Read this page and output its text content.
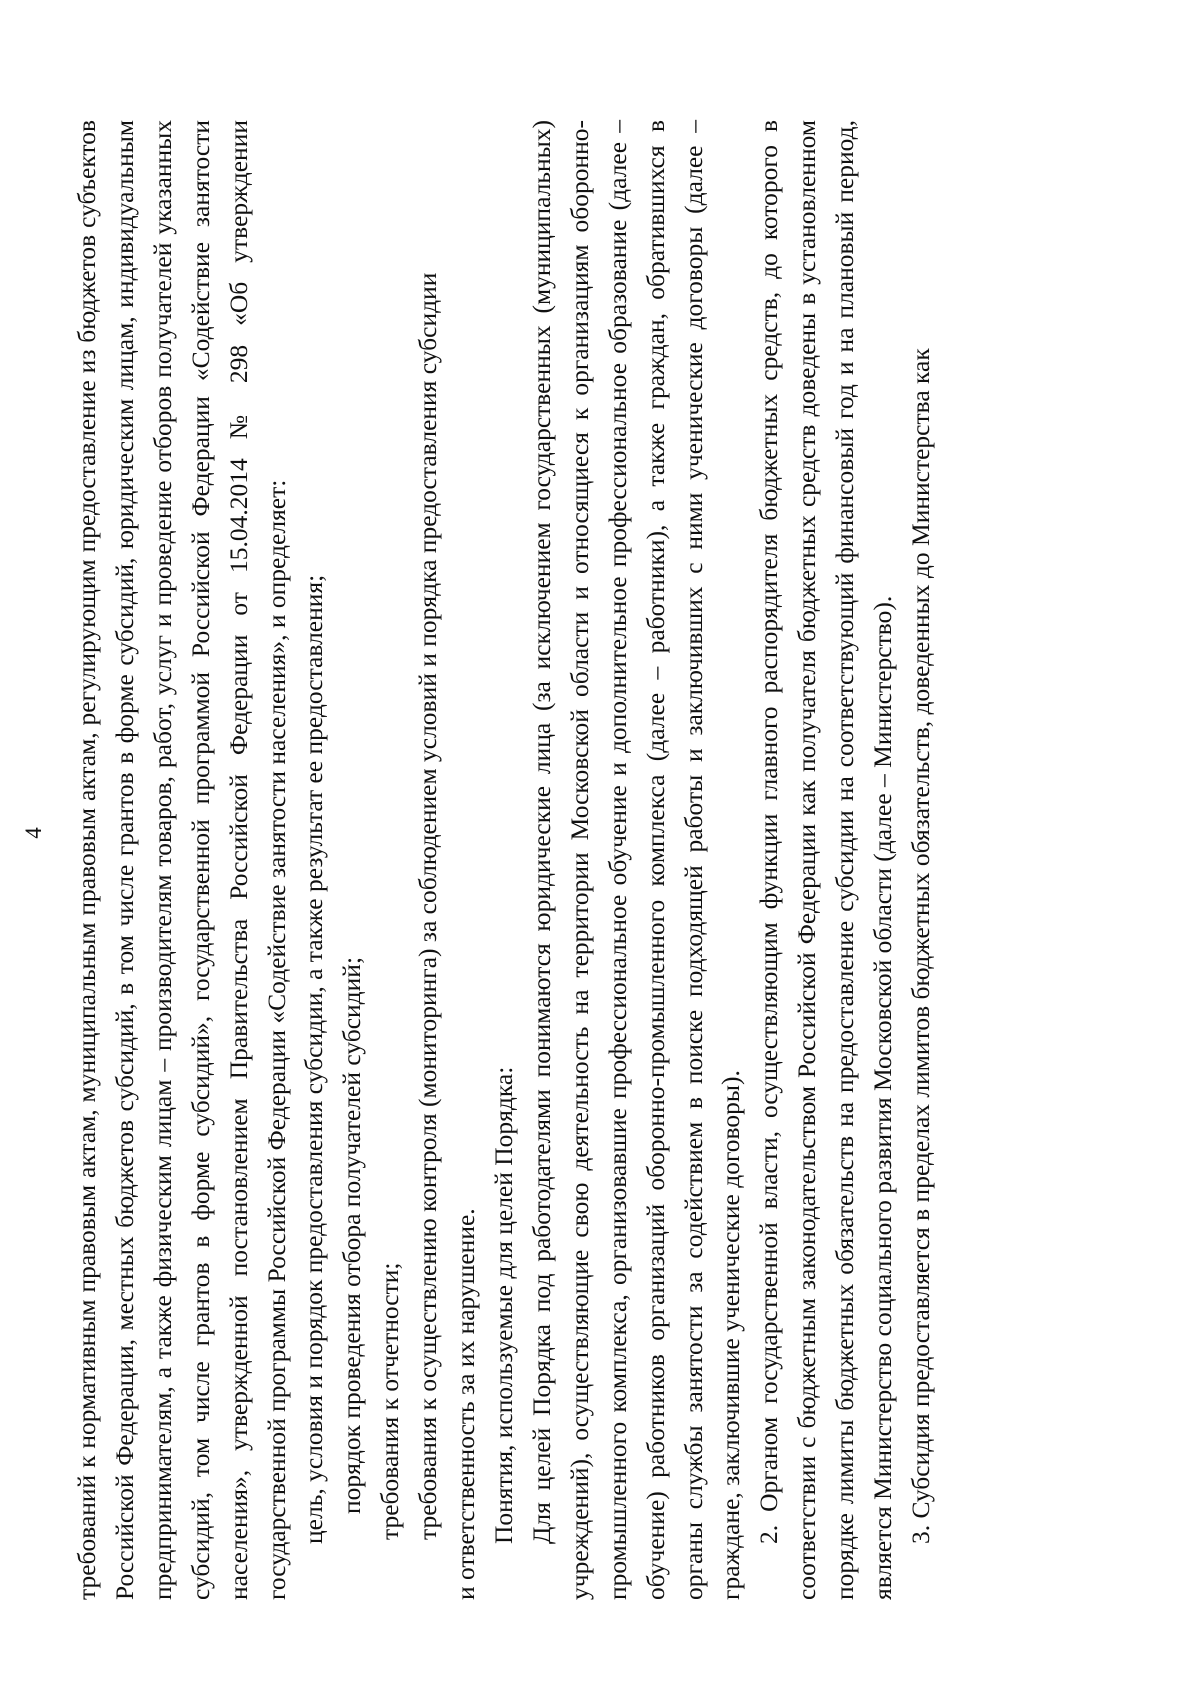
4 требований к нормативным правовым актам, муниципальным правовым актам, регулирующим предоставление из бюджетов субъектов Российской Федерации, местных бюджетов субсидий, в том числе грантов в форме субсидий, юридическим лицам, индивидуальным предпринимателям, а также физическим лицам – производителям товаров, работ, услуг и проведение отборов получателей указанных субсидий, том числе грантов в форме субсидий», государственной программой Российской Федерации «Содействие занятости населения», утвержденной постановлением Правительства Российской Федерации от 15.04.2014 № 298 «Об утверждении государственной программы Российской Федерации «Содействие занятости населения», и определяет: цель, условия и порядок предоставления субсидии, а также результат ее предоставления; порядок проведения отбора получателей субсидий; требования к отчетности; требования к осуществлению контроля (мониторинга) за соблюдением условий и порядка предоставления субсидии и ответственность за их нарушение. Понятия, используемые для целей Порядка: Для целей Порядка под работодателями понимаются юридические лица (за исключением государственных (муниципальных) учреждений), осуществляющие свою деятельность на территории Московской области и относящиеся к организациям оборонно-промышленного комплекса, организовавшие профессиональное обучение и дополнительное профессиональное образование (далее – обучение) работников организаций оборонно-промышленного комплекса (далее – работники), а также граждан, обратившихся в органы службы занятости за содействием в поиске подходящей работы и заключивших с ними ученические договоры (далее – граждане, заключившие ученические договоры). 2. Органом государственной власти, осуществляющим функции главного распорядителя бюджетных средств, до которого в соответствии с бюджетным законодательством Российской Федерации как получателя бюджетных средств доведены в установленном порядке лимиты бюджетных обязательств на предоставление субсидии на соответствующий финансовый год и на плановый период, является Министерство социального развития Московской области (далее – Министерство). 3. Субсидия предоставляется в пределах лимитов бюджетных обязательств, доведенных до Министерства как
